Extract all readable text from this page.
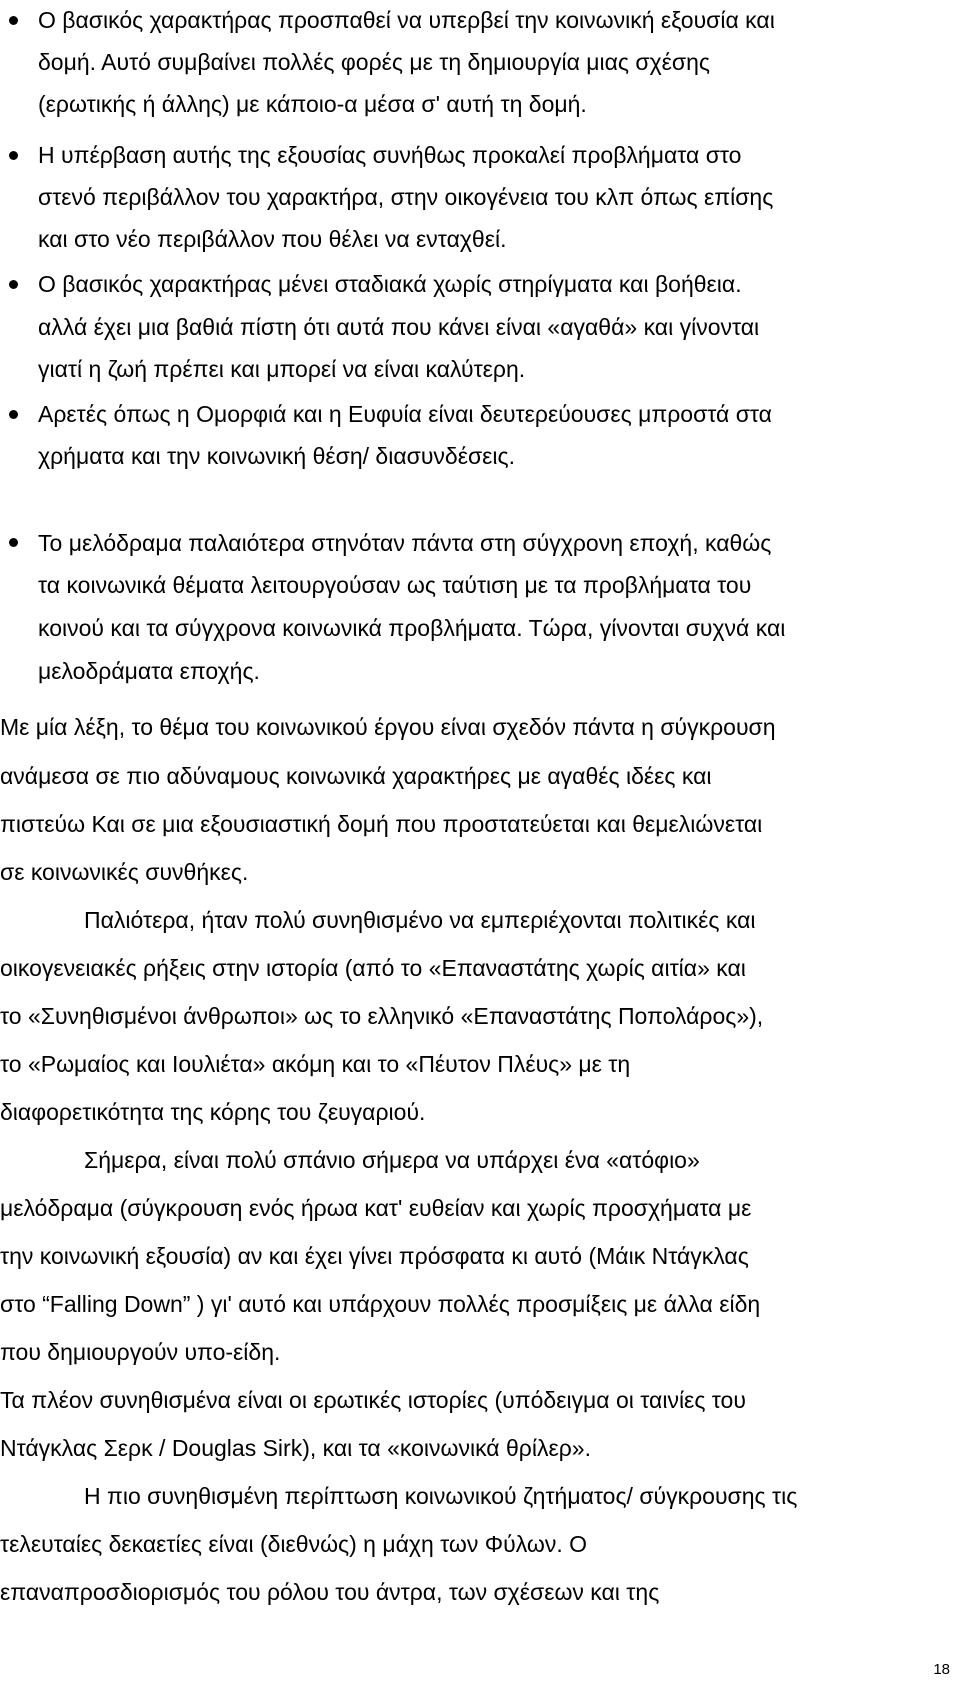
Ο βασικός χαρακτήρας προσπαθεί να υπερβεί την κοινωνική εξουσία και

δομή. Αυτό συμβαίνει πολλές φορές με τη δημιουργία μιας σχέσης

(ερωτικής ή άλλης) με κάποιο-α μέσα σ' αυτή τη δομή.

Η υπέρβαση αυτής της εξουσίας συνήθως προκαλεί προβλήματα στο

στενό περιβάλλον του χαρακτήρα, στην οικογένεια του κλπ όπως επίσης

και στο νέο περιβάλλον που θέλει να ενταχθεί.

Ο βασικός χαρακτήρας μένει σταδιακά χωρίς στηρίγματα και βοήθεια.

αλλά έχει μια βαθιά πίστη ότι αυτά που κάνει είναι «αγαθά» και γίνονται

γιατί η ζωή πρέπει και μπορεί να είναι καλύτερη.

Αρετές όπως η Ομορφιά και η Ευφυία είναι δευτερεύουσες μπροστά στα

χρήματα και την κοινωνική θέση/ διασυνδέσεις.

Το μελόδραμα παλαιότερα στηνόταν πάντα στη σύγχρονη εποχή, καθώς

τα κοινωνικά θέματα λειτουργούσαν ως ταύτιση με τα προβλήματα του

κοινού και τα σύγχρονα κοινωνικά προβλήματα. Τώρα, γίνονται συχνά και

μελοδράματα εποχής.

Με μία λέξη, το θέμα του κοινωνικού έργου είναι σχεδόν πάντα η σύγκρουση

ανάμεσα σε πιο αδύναμους κοινωνικά χαρακτήρες με αγαθές ιδέες και

πιστεύω Και σε μια εξουσιαστική δομή που προστατεύεται και θεμελιώνεται

σε κοινωνικές συνθήκες.

Παλιότερα, ήταν πολύ συνηθισμένο να εμπεριέχονται πολιτικές και

οικογενειακές ρήξεις στην ιστορία (από το «Επαναστάτης χωρίς αιτία» και

το «Συνηθισμένοι άνθρωποι» ως το ελληνικό «Επαναστάτης Ποπολάρος»),

το «Ρωμαίος και Ιουλιέτα» ακόμη και το «Πέυτον Πλέυς» με τη

διαφορετικότητα της κόρης του ζευγαριού.

Σήμερα, είναι πολύ σπάνιο σήμερα να υπάρχει ένα «ατόφιο»

μελόδραμα (σύγκρουση ενός ήρωα κατ' ευθείαν και χωρίς προσχήματα με

την κοινωνική εξουσία) αν και έχει γίνει πρόσφατα κι αυτό (Μάικ Ντάγκλας

στο “Falling Down” ) γι' αυτό και υπάρχουν πολλές προσμίξεις με άλλα είδη

που δημιουργούν υπο-είδη.

Τα πλέον συνηθισμένα είναι οι ερωτικές ιστορίες (υπόδειγμα οι ταινίες του

Ντάγκλας Σερκ / Douglas Sirk), και τα «κοινωνικά θρίλερ».

Η πιο συνηθισμένη περίπτωση κοινωνικού ζητήματος/ σύγκρουσης τις

τελευταίες δεκαετίες είναι (διεθνώς) η μάχη των Φύλων. Ο

επαναπροσδιορισμός του ρόλου του άντρα, των σχέσεων και της

18
